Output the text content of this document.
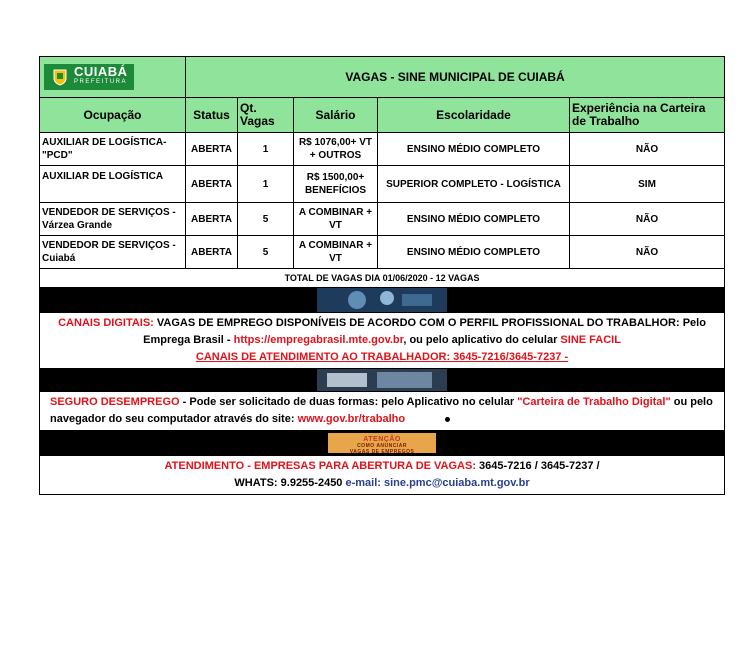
CUIABÁ
PREFEITURA	VAGAS - SINE MUNICIPAL DE CUIABÁ				
Ocupação	Status	Qt. Vagas	Salário	Escolaridade	Experiência na Carteira de Trabalho
AUXILIAR DE LOGÍSTICA- "PCD"	ABERTA	1	R$ 1076,00+ VT + OUTROS	ENSINO MÉDIO COMPLETO	NÃO
AUXILIAR DE LOGÍSTICA	ABERTA	1	R$ 1500,00+ BENEFÍCIOS	SUPERIOR COMPLETO - LOGÍSTICA	SIM
VENDEDOR DE SERVIÇOS - Várzea Grande	ABERTA	5	A COMBINAR + VT	ENSINO MÉDIO COMPLETO	NÃO
VENDEDOR DE SERVIÇOS - Cuiabá	ABERTA	5	A COMBINAR + VT	ENSINO MÉDIO COMPLETO	NÃO
TOTAL DE VAGAS DIA 01/06/2020 - 12 VAGAS					

CANAIS DIGITAIS: VAGAS DE EMPREGO DISPONÍVEIS DE ACORDO COM O PERFIL PROFISSIONAL DO TRABALHOR: Pelo
Emprega Brasil - https://empregabrasil.mte.gov.br, ou pelo aplicativo do celular SINE FACIL
CANAIS DE ATENDIMENTO AO TRABALHADOR: 3645-7216/3645-7237 -					

SEGURO DESEMPREGO - Pode ser solicitado de duas formas: pelo Aplicativo no celular "Carteira de Trabalho Digital" ou pelo navegador do seu computador através do site: www.gov.br/trabalho					

ATENÇÃO
COMO ANUNCIAR
VAGAS DE EMPREGOS					

ATENDIMENTO - EMPRESAS PARA ABERTURA DE VAGAS: 3645-7216 / 3645-7237 /
WHATS: 9.9255-2450 e-mail: sine.pmc@cuiaba.mt.gov.br					
